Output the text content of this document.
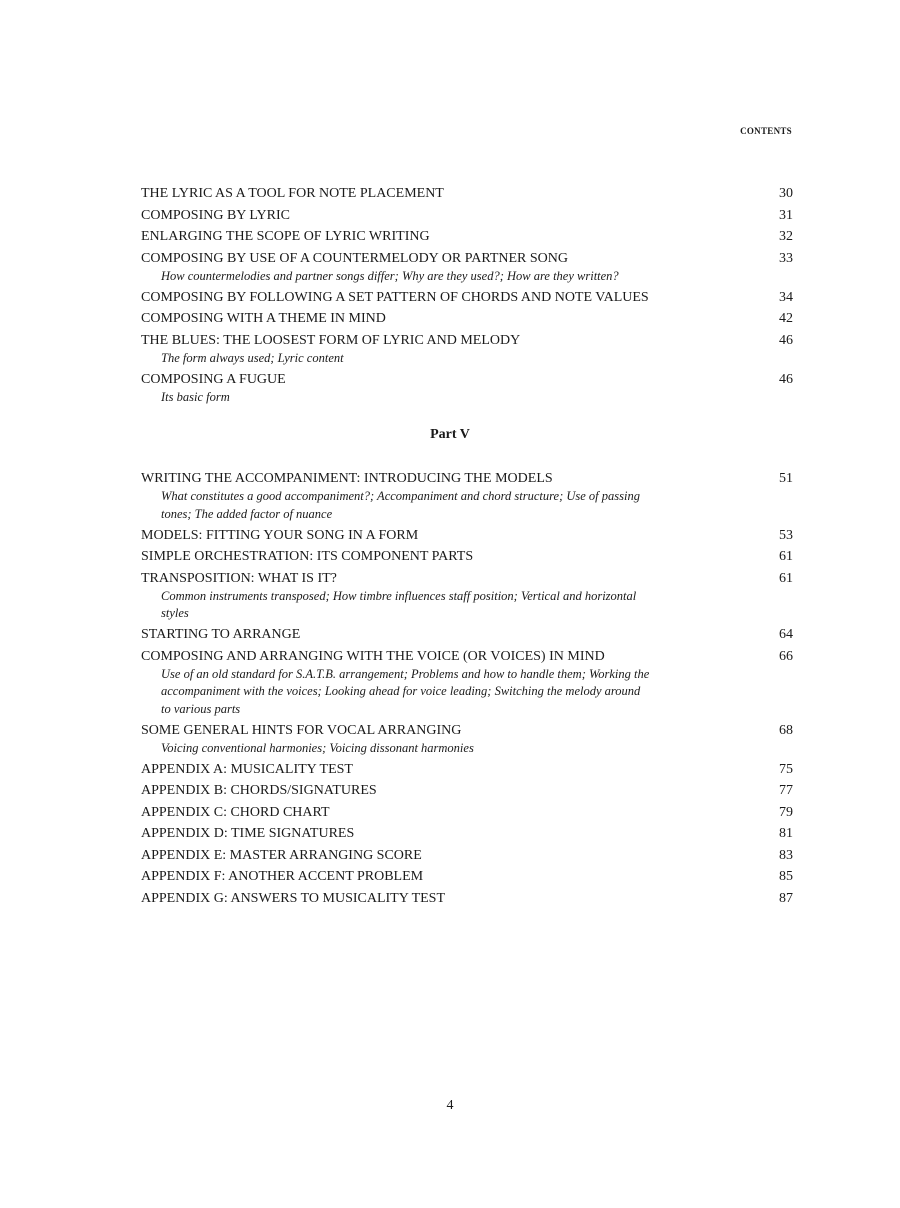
CONTENTS
THE LYRIC AS A TOOL FOR NOTE PLACEMENT	30
COMPOSING BY LYRIC	31
ENLARGING THE SCOPE OF LYRIC WRITING	32
COMPOSING BY USE OF A COUNTERMELODY OR PARTNER SONG	33
How countermelodies and partner songs differ; Why are they used?; How are they written?
COMPOSING BY FOLLOWING A SET PATTERN OF CHORDS AND NOTE VALUES	34
COMPOSING WITH A THEME IN MIND	42
THE BLUES: THE LOOSEST FORM OF LYRIC AND MELODY	46
The form always used; Lyric content
COMPOSING A FUGUE	46
Its basic form
Part V
WRITING THE ACCOMPANIMENT: INTRODUCING THE MODELS	51
What constitutes a good accompaniment?; Accompaniment and chord structure; Use of passing tones; The added factor of nuance
MODELS: FITTING YOUR SONG IN A FORM	53
SIMPLE ORCHESTRATION: ITS COMPONENT PARTS	61
TRANSPOSITION: WHAT IS IT?	61
Common instruments transposed; How timbre influences staff position; Vertical and horizontal styles
STARTING TO ARRANGE	64
COMPOSING AND ARRANGING WITH THE VOICE (OR VOICES) IN MIND	66
Use of an old standard for S.A.T.B. arrangement; Problems and how to handle them; Working the accompaniment with the voices; Looking ahead for voice leading; Switching the melody around to various parts
SOME GENERAL HINTS FOR VOCAL ARRANGING	68
Voicing conventional harmonies; Voicing dissonant harmonies
APPENDIX A: MUSICALITY TEST	75
APPENDIX B: CHORDS/SIGNATURES	77
APPENDIX C: CHORD CHART	79
APPENDIX D: TIME SIGNATURES	81
APPENDIX E: MASTER ARRANGING SCORE	83
APPENDIX F: ANOTHER ACCENT PROBLEM	85
APPENDIX G: ANSWERS TO MUSICALITY TEST	87
4
